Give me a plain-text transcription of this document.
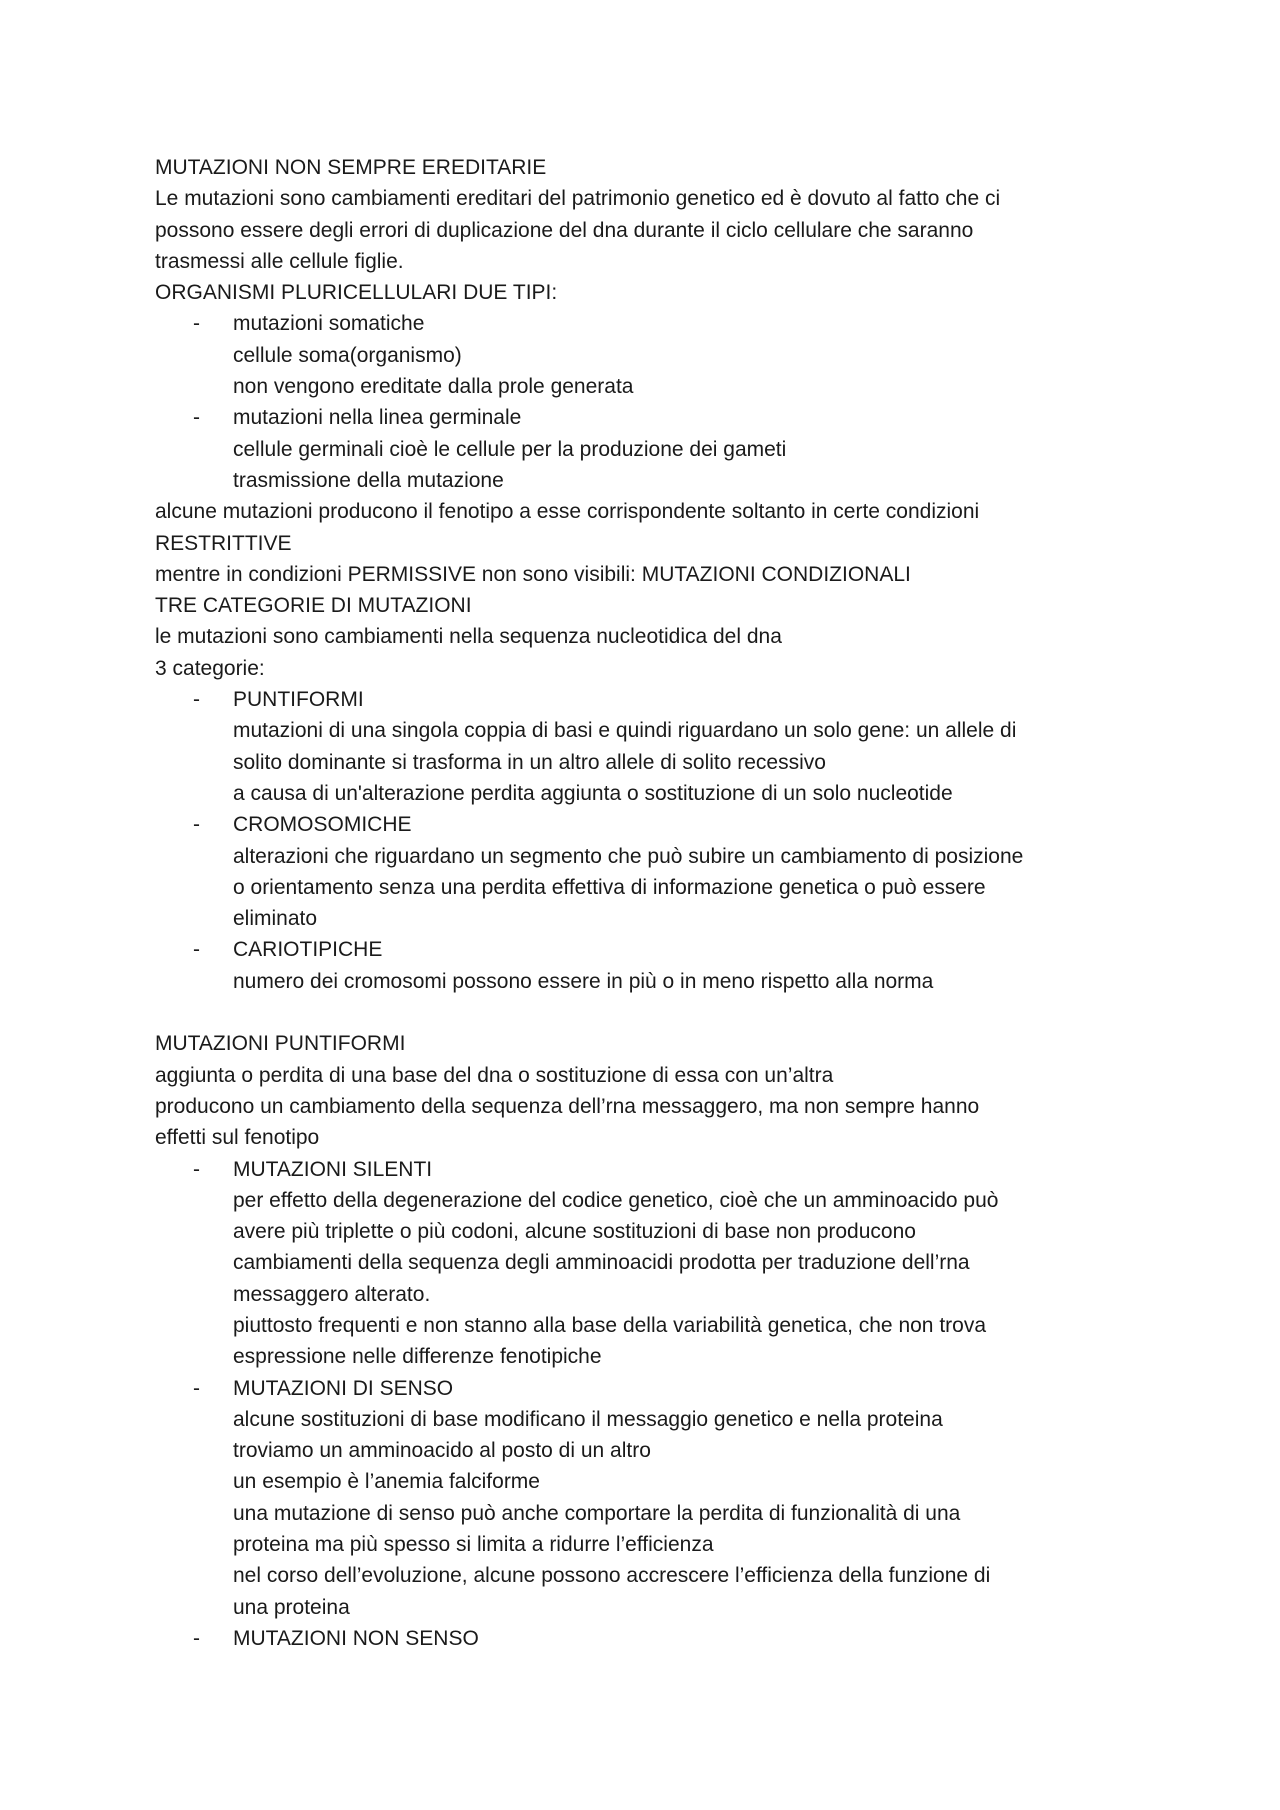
MUTAZIONI NON SEMPRE EREDITARIE
Le mutazioni sono cambiamenti ereditari del patrimonio genetico ed è dovuto al fatto che ci
possono essere degli errori di duplicazione del dna durante il ciclo cellulare che saranno
trasmessi alle cellule figlie.
ORGANISMI PLURICELLULARI DUE TIPI:
- mutazioni somatiche
cellule soma(organismo)
non vengono ereditate dalla prole generata
- mutazioni nella linea germinale
cellule germinali cioè le cellule per la produzione dei gameti
trasmissione della mutazione
alcune mutazioni producono il fenotipo a esse corrispondente soltanto in certe condizioni
RESTRITTIVE
mentre in condizioni PERMISSIVE non sono visibili: MUTAZIONI CONDIZIONALI
TRE CATEGORIE DI MUTAZIONI
le mutazioni sono cambiamenti nella sequenza nucleotidica del dna
3 categorie:
- PUNTIFORMI
mutazioni di una singola coppia di basi e quindi riguardano un solo gene: un allele di
solito dominante si trasforma in un altro allele di solito recessivo
a causa di un'alterazione perdita aggiunta o sostituzione di un solo nucleotide
- CROMOSOMICHE
alterazioni che riguardano un segmento che può subire un cambiamento di posizione
o orientamento senza una perdita effettiva di informazione genetica o può essere
eliminato
- CARIOTIPICHE
numero dei cromosomi possono essere in più o in meno rispetto alla norma
MUTAZIONI PUNTIFORMI
aggiunta o perdita di una base del dna o sostituzione di essa con un’altra
producono un cambiamento della sequenza dell’rna messaggero, ma non sempre hanno
effetti sul fenotipo
- MUTAZIONI SILENTI
per effetto della degenerazione del codice genetico, cioè che un amminoacido può
avere più triplette o più codoni, alcune sostituzioni di base non producono
cambiamenti della sequenza degli amminoacidi prodotta per traduzione dell’rna
messaggero alterato.
piuttosto frequenti e non stanno alla base della variabilità genetica, che non trova
espressione nelle differenze fenotipiche
- MUTAZIONI DI SENSO
alcune sostituzioni di base modificano il messaggio genetico e nella proteina
troviamo un amminoacido al posto di un altro
un esempio è l’anemia falciforme
una mutazione di senso può anche comportare la perdita di funzionalità di una
proteina ma più spesso si limita a ridurre l’efficienza
nel corso dell’evoluzione, alcune possono accrescere l’efficienza della funzione di
una proteina
- MUTAZIONI NON SENSO
